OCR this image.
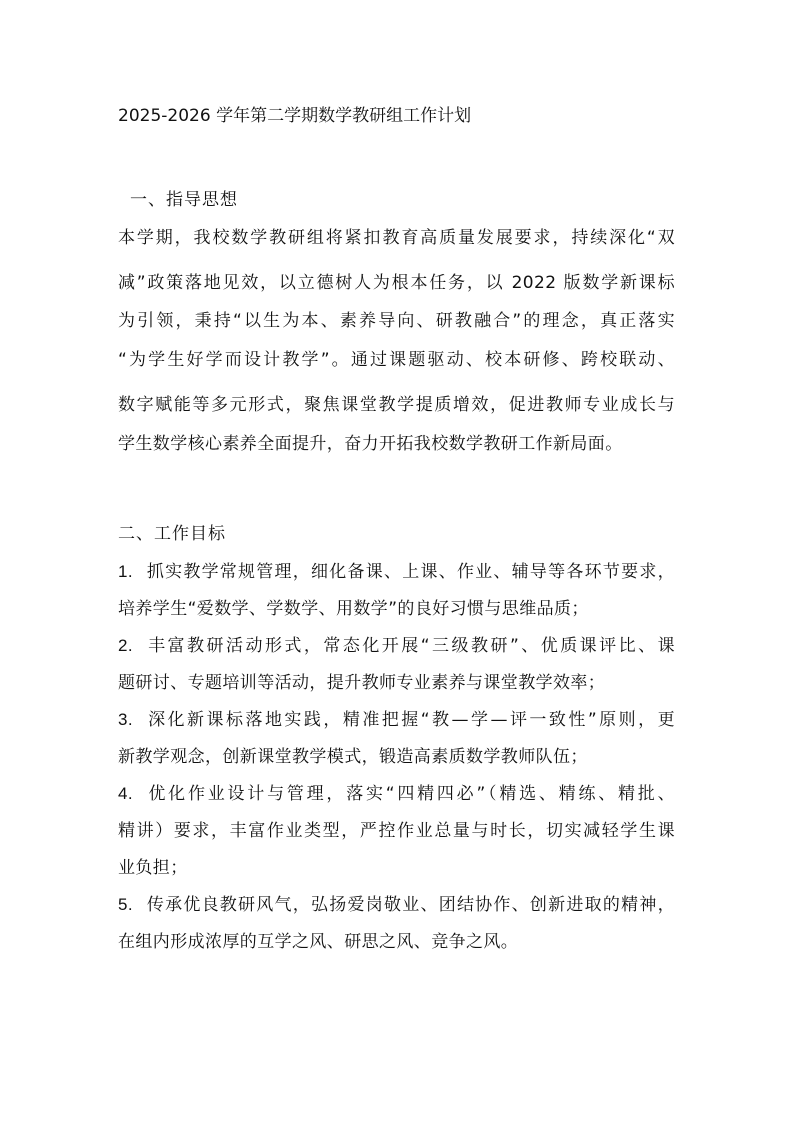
2025-2026 学年第二学期数学教研组工作计划
一、指导思想
本学期，我校数学教研组将紧扣教育高质量发展要求，持续深化“双
减”政策落地见效，以立德树人为根本任务，以 2022 版数学新课标
为引领，秉持“以生为本、素养导向、研教融合”的理念，真正落实
“为学生好学而设计教学”。通过课题驱动、校本研修、跨校联动、
数字赋能等多元形式，聚焦课堂教学提质增效，促进教师专业成长与
学生数学核心素养全面提升，奋力开拓我校数学教研工作新局面。
二、工作目标
1. 抓实教学常规管理，细化备课、上课、作业、辅导等各环节要求，
培养学生“爱数学、学数学、用数学”的良好习惯与思维品质；
2. 丰富教研活动形式，常态化开展“三级教研”、优质课评比、课
题研讨、专题培训等活动，提升教师专业素养与课堂教学效率；
3. 深化新课标落地实践，精准把握“教—学—评一致性”原则，更
新教学观念，创新课堂教学模式，锻造高素质数学教师队伍；
4. 优化作业设计与管理，落实“四精四必”（精选、精练、精批、
精讲）要求，丰富作业类型，严控作业总量与时长，切实减轻学生课
业负担；
5. 传承优良教研风气，弘扬爱岗敬业、团结协作、创新进取的精神，
在组内形成浓厚的互学之风、研思之风、竞争之风。
